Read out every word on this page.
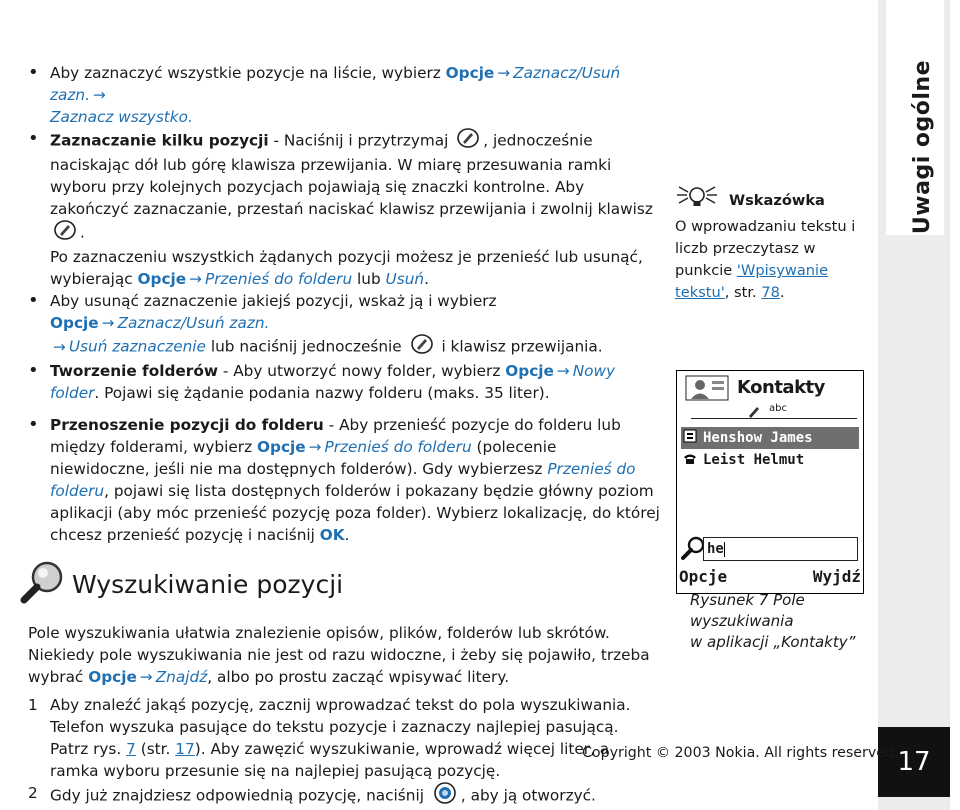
• Aby zaznaczyć wszystkie pozycje na liście, wybierz Opcje → Zaznacz/Usuń zazn. →
Zaznacz wszystko.
• Zaznaczanie kilku pozycji - Naciśnij i przytrzymaj , jednocześnie naciskając dół lub górę klawisza przewijania. W miarę przesuwania ramki wyboru przy kolejnych pozycjach pojawiają się znaczki kontrolne. Aby zakończyć zaznaczanie, przestań naciskać klawisz przewijania i zwolnij klawisz .
Po zaznaczeniu wszystkich żądanych pozycji możesz je przenieść lub usunąć, wybierając Opcje → Przenieś do folderu lub Usuń.
• Aby usunąć zaznaczenie jakiejś pozycji, wskaż ją i wybierz Opcje → Zaznacz/Usuń zazn.
→ Usuń zaznaczenie lub naciśnij jednocześnie  i klawisz przewijania.
• Tworzenie folderów - Aby utworzyć nowy folder, wybierz Opcje → Nowy folder. Pojawi się żądanie podania nazwy folderu (maks. 35 liter).
• Przenoszenie pozycji do folderu - Aby przenieść pozycje do folderu lub między folderami, wybierz Opcje → Przenieś do folderu (polecenie niewidoczne, jeśli nie ma dostępnych folderów). Gdy wybierzesz Przenieś do folderu, pojawi się lista dostępnych folderów i pokazany będzie główny poziom aplikacji (aby móc przenieść pozycję poza folder). Wybierz lokalizację, do której chcesz przenieść pozycję i naciśnij OK.
Wyszukiwanie pozycji
Pole wyszukiwania ułatwia znalezienie opisów, plików, folderów lub skrótów. Niekiedy pole wyszukiwania nie jest od razu widoczne, i żeby się pojawiło, trzeba wybrać Opcje → Znajdź, albo po prostu zacząć wpisywać litery.
1 Aby znaleźć jakąś pozycję, zacznij wprowadzać tekst do pola wyszukiwania. Telefon wyszuka pasujące do tekstu pozycje i zaznaczy najlepiej pasującą. Patrz rys. 7 (str. 17). Aby zawęzić wyszukiwanie, wprowadź więcej liter, a ramka wyboru przesunie się na najlepiej pasującą pozycję.
2 Gdy już znajdziesz odpowiednią pozycję, naciśnij , aby ją otworzyć.
Wskazówka
O wprowadzaniu tekstu i liczb przeczytasz w punkcie 'Wpisywanie tekstu', str. 78.
Kontakty
abc
Henshow James
Leist Helmut
he
Opcje	Wyjdź
Rysunek 7 Pole
wyszukiwania
w aplikacji „Kontakty”
Uwagi ogólne
17
Copyright © 2003 Nokia. All rights reserved.
